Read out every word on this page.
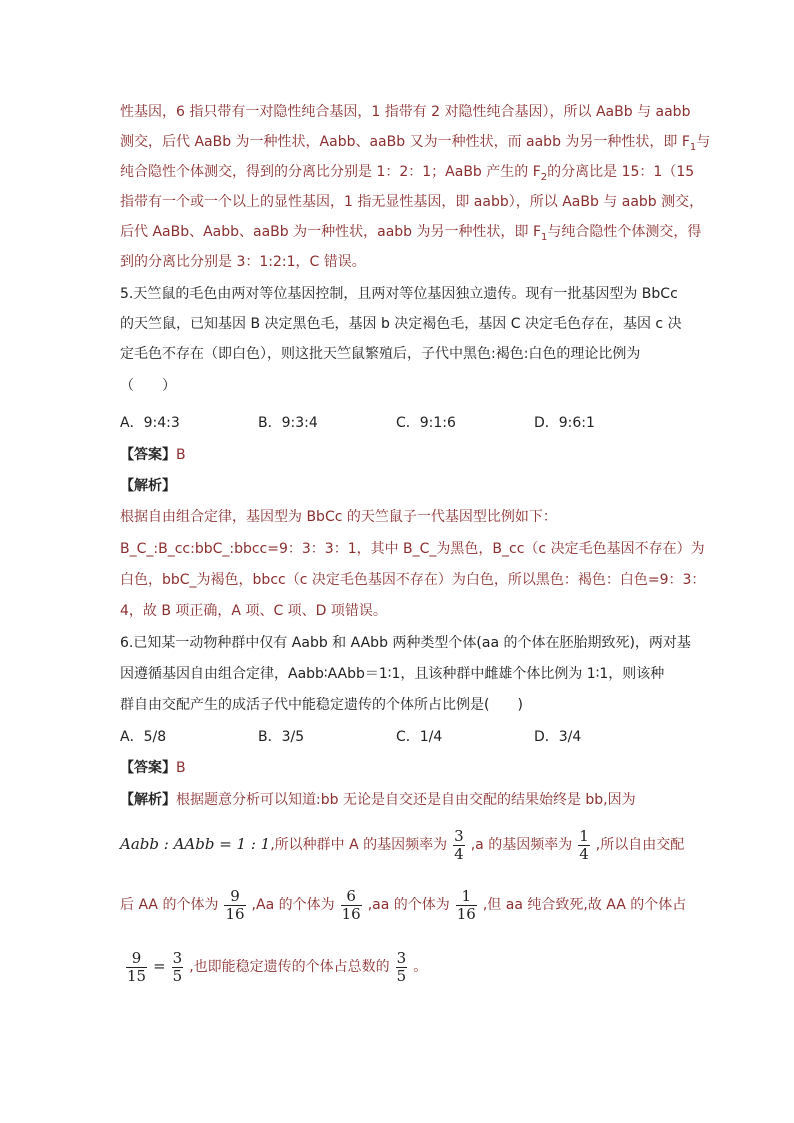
性基因，6 指只带有一对隐性纯合基因，1 指带有 2 对隐性纯合基因），所以 AaBb 与 aabb
测交，后代 AaBb 为一种性状，Aabb、aaBb 又为一种性状，而 aabb 为另一种性状，即 $F_1$与
纯合隐性个体测交，得到的分离比分别是 1：2：1；AaBb 产生的 $F_2$的分离比是 15：1（15
指带有一个或一个以上的显性基因，1 指无显性基因，即 aabb），所以 AaBb 与 aabb 测交，
后代 AaBb、Aabb、aaBb 为一种性状，aabb 为另一种性状，即 $F_1$与纯合隐性个体测交，得
到的分离比分别是 3：1:2:1，C 错误。
5.天竺鼠的毛色由两对等位基因控制，且两对等位基因独立遗传。现有一批基因型为 BbCc
的天竺鼠，已知基因 B 决定黑色毛，基因 b 决定褐色毛，基因 C 决定毛色存在，基因 c 决
定毛色不存在（即白色），则这批天竺鼠繁殖后，子代中黑色:褐色:白色的理论比例为
（　　）
A．9:4:3	B．9:3:4	C．9:1:6	D．9:6:1
【答案】B
【解析】
根据自由组合定律，基因型为 BbCc 的天竺鼠子一代基因型比例如下：
B_C_:B_cc:bbC_:bbcc=9：3：3：1，其中 B_C_为黑色，B_cc（c 决定毛色基因不存在）为
白色，bbC_为褐色，bbcc（c 决定毛色基因不存在）为白色，所以黑色：褐色：白色=9：3：
4，故 B 项正确，A 项、C 项、D 项错误。
6.已知某一动物种群中仅有 Aabb 和 AAbb 两种类型个体(aa 的个体在胚胎期致死)，两对基
因遵循基因自由组合定律，Aabb∶AAbb＝1∶1，且该种群中雌雄个体比例为 1∶1，则该种
群自由交配产生的成活子代中能稳定遗传的个体所占比例是(　　)
A．5/8	B．3/5	C．1/4	D．3/4
【答案】B
【解析】根据题意分析可以知道:bb 无论是自交还是自由交配的结果始终是 bb,因为
Aabb : AAbb = 1 : 1,所以种群中 A 的基因频率为 $\frac{3}{4} ,a$ 的基因频率为 $\frac{1}{4}$ ,所以自由交配
后 AA 的个体为 $\frac{9}{16} ,Aa$ 的个体为 $\frac{6}{16} ,aa$ 的个体为 $\frac{1}{16}$ ,但 aa 纯合致死,故 AA 的个体占
$\frac{9}{15} = \frac{3}{5}$ ,也即能稳定遗传的个体占总数的 $\frac{3}{5}$ 。
